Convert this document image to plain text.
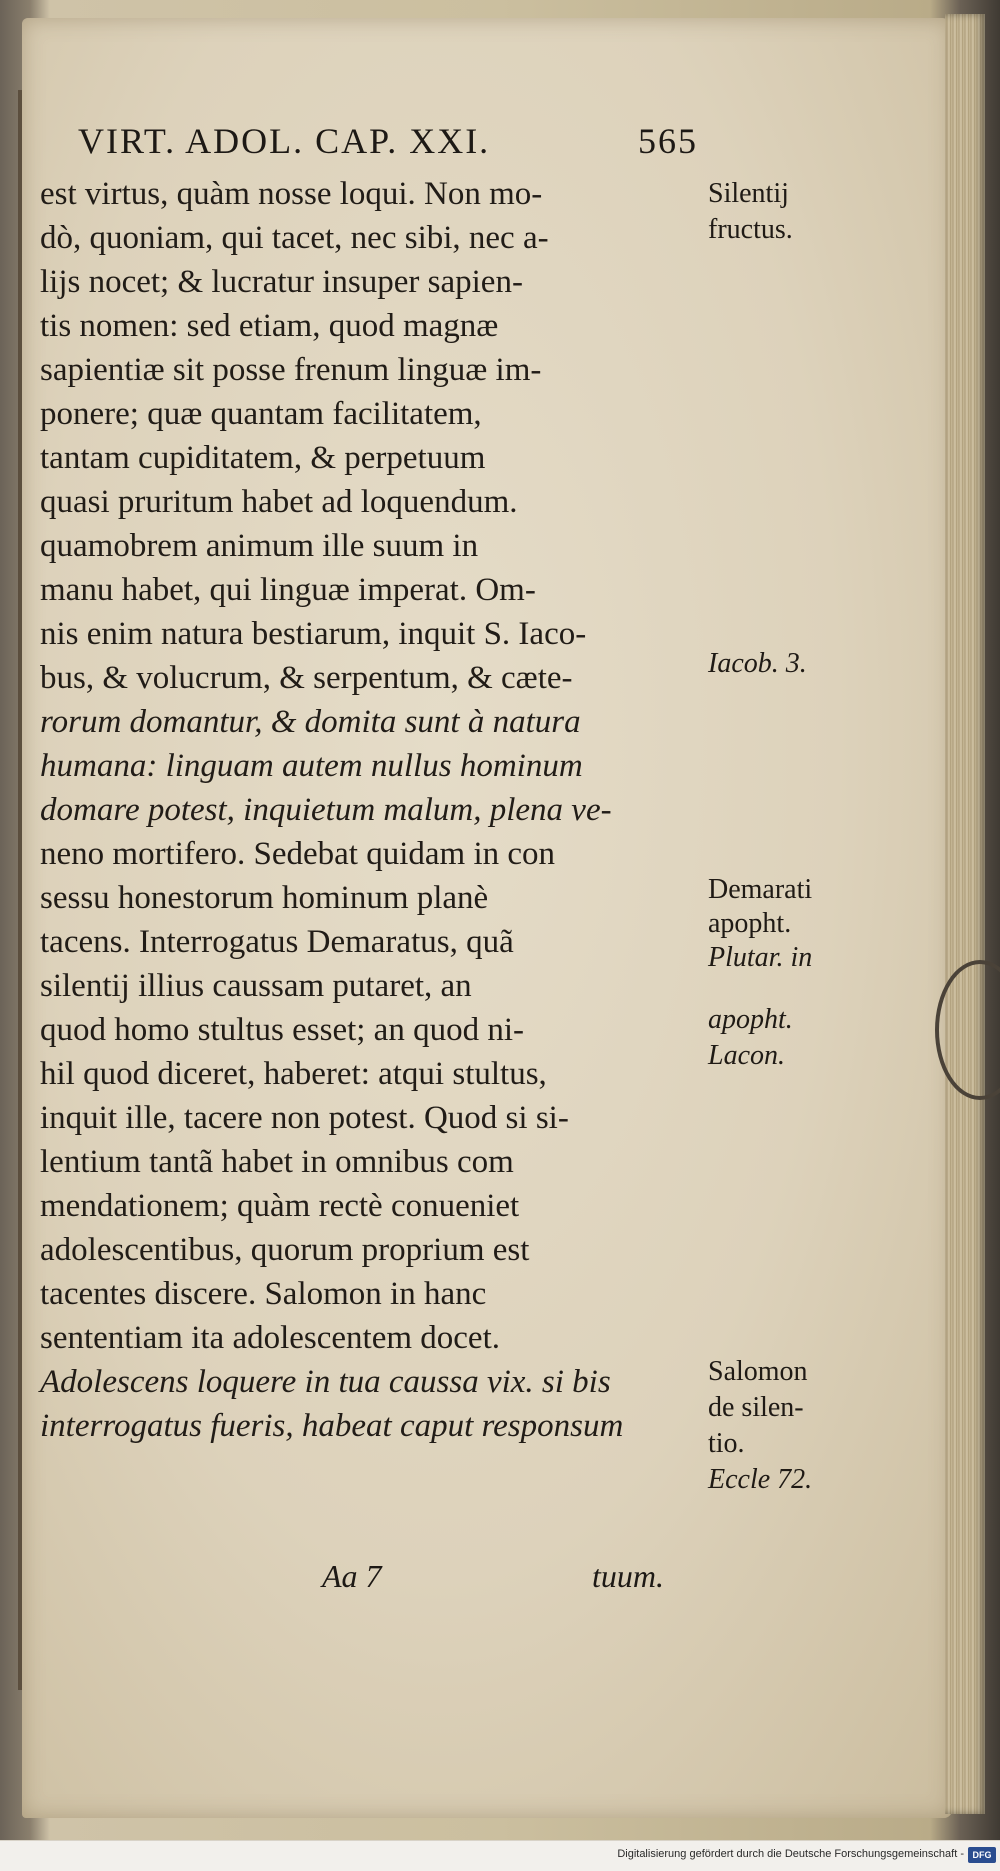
VIRT. ADOL. CAP. XXI.	565
est virtus, quàm nosse loqui. Non mo-
dò, quoniam, qui tacet, nec sibi, nec a-
lijs nocet; & lucratur insuper sapien-
tis nomen: sed etiam, quod magnæ
sapientiæ sit posse frenum linguæ im-
ponere; quæ quantam facilitatem,
tantam cupiditatem, & perpetuum
quasi pruritum habet ad loquendum.
quamobrem animum ille suum in
manu habet, qui linguæ imperat. Om-
nis enim natura bestiarum, inquit S. Iaco-
bus, & volucrum, & serpentum, & cæte-
rorum domantur, & domita sunt à natura
humana: linguam autem nullus hominum
domare potest, inquietum malum, plena ve-
neno mortifero. Sedebat quidam in con
sessu honestorum hominum planè
tacens. Interrogatus Demaratus, quã
silentij illius caussam putaret, an
quod homo stultus esset; an quod ni-
hil quod diceret, haberet: atqui stultus,
inquit ille, tacere non potest. Quod si si-
lentium tantã habet in omnibus com
mendationem; quàm rectè conueniet
adolescentibus, quorum proprium est
tacentes discere. Salomon in hanc
sententiam ita adolescentem docet.
Adolescens loquere in tua caussa vix. si bis
interrogatus fueris, habeat caput responsum
Silentij
fructus.
Iacob. 3.
Demarati
apopht.
Plutar. in
apopht.
Lacon.
Salomon
de silen-
tio.
Eccle 72.
Aa 7	tuum.
Digitalisierung gefördert durch die Deutsche Forschungsgemeinschaft - DFG
